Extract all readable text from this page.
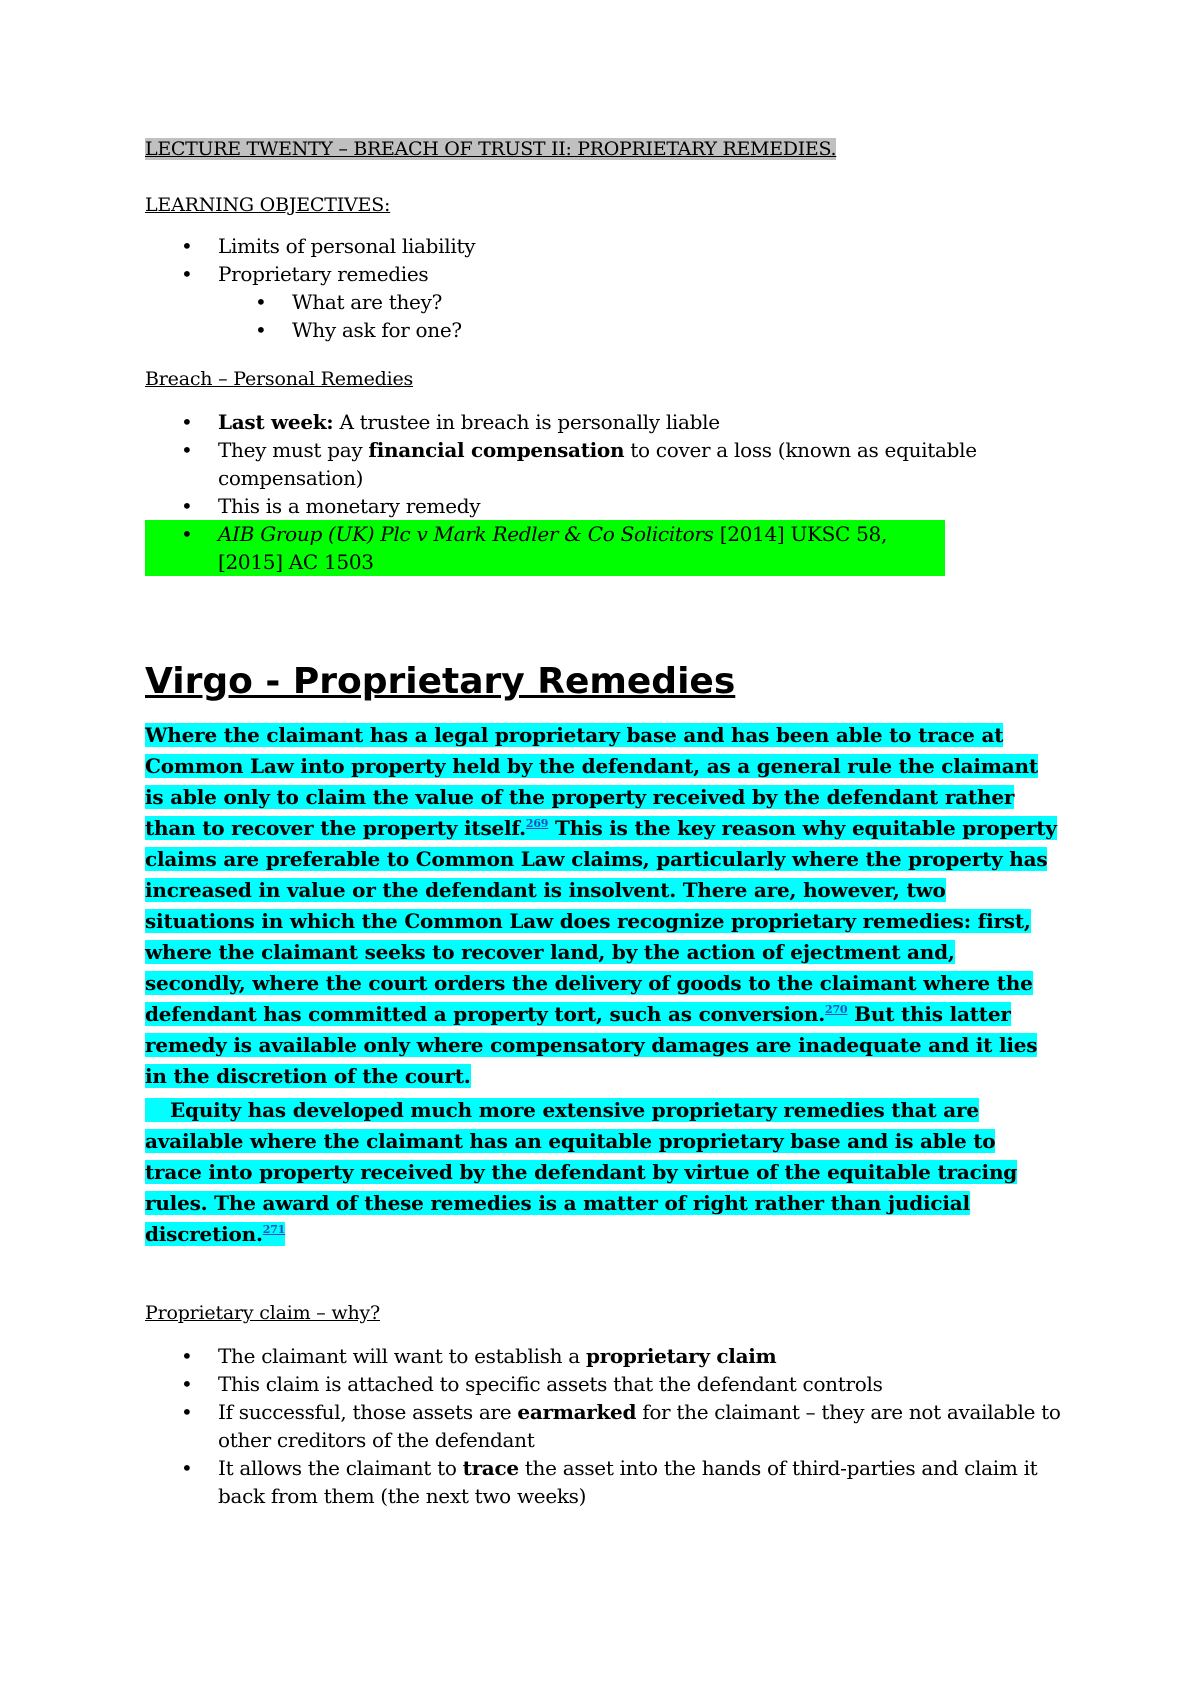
LECTURE TWENTY – BREACH OF TRUST II: PROPRIETARY REMEDIES.
LEARNING OBJECTIVES:
• Limits of personal liability
• Proprietary remedies
• What are they?
• Why ask for one?
Breach – Personal Remedies
• Last week: A trustee in breach is personally liable
• They must pay financial compensation to cover a loss (known as equitable compensation)
• This is a monetary remedy
• AIB Group (UK) Plc v Mark Redler & Co Solicitors [2014] UKSC 58, [2015] AC 1503
Virgo - Proprietary Remedies
Where the claimant has a legal proprietary base and has been able to trace at Common Law into property held by the defendant, as a general rule the claimant is able only to claim the value of the property received by the defendant rather than to recover the property itself.$^{269}$ This is the key reason why equitable property claims are preferable to Common Law claims, particularly where the property has increased in value or the defendant is insolvent. There are, however, two situations in which the Common Law does recognize proprietary remedies: first, where the claimant seeks to recover land, by the action of ejectment and, secondly, where the court orders the delivery of goods to the claimant where the defendant has committed a property tort, such as conversion.$^{270}$ But this latter remedy is available only where compensatory damages are inadequate and it lies in the discretion of the court.
Equity has developed much more extensive proprietary remedies that are available where the claimant has an equitable proprietary base and is able to trace into property received by the defendant by virtue of the equitable tracing rules. The award of these remedies is a matter of right rather than judicial discretion.$^{271}$
Proprietary claim – why?
• The claimant will want to establish a proprietary claim
• This claim is attached to specific assets that the defendant controls
• If successful, those assets are earmarked for the claimant – they are not available to other creditors of the defendant
• It allows the claimant to trace the asset into the hands of third-parties and claim it back from them (the next two weeks)
